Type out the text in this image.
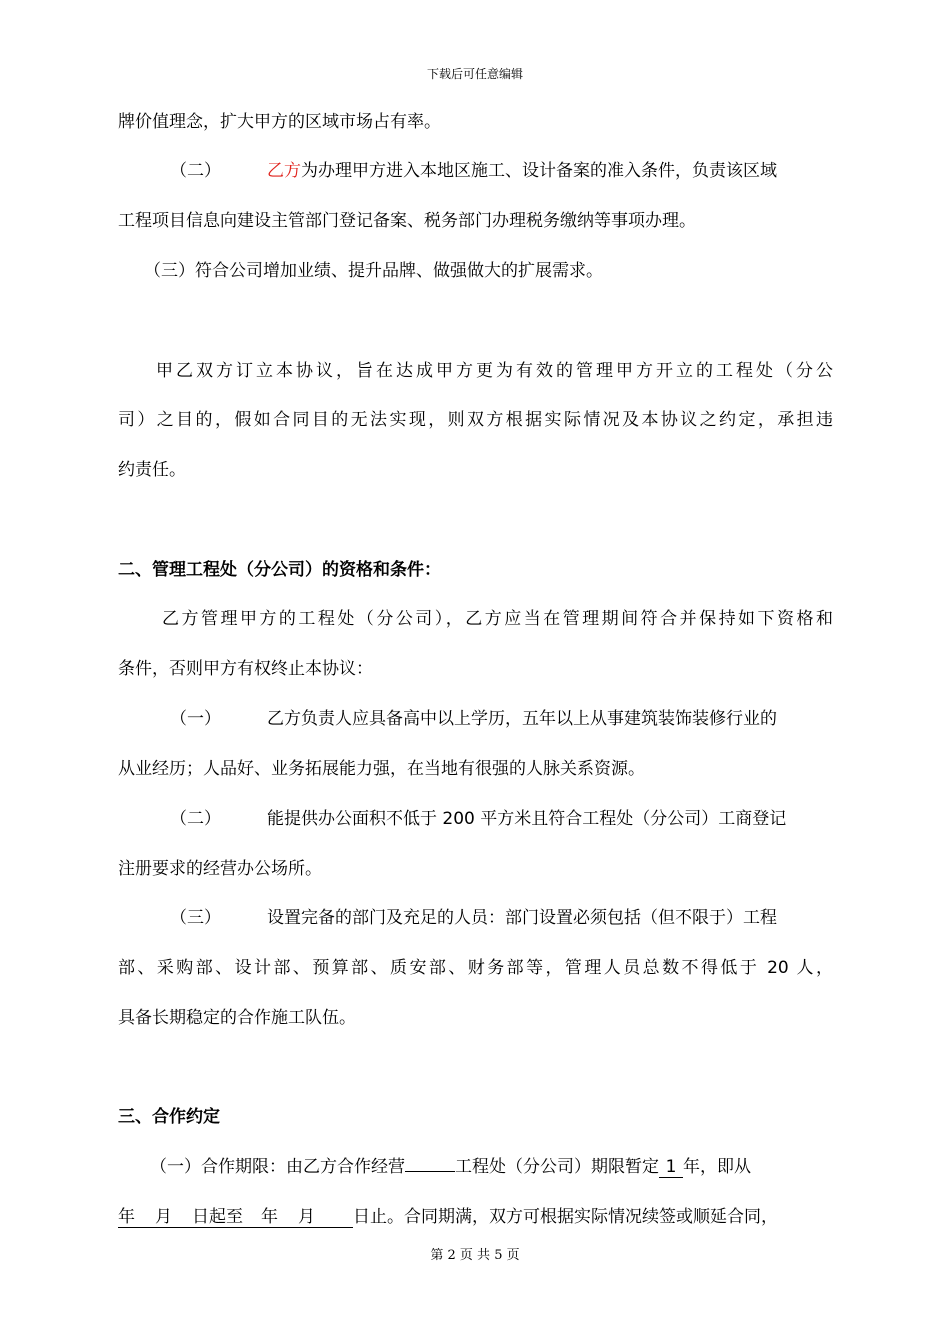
下载后可任意编辑
牌价值理念，扩大甲方的区域市场占有率。
（二）	乙方为办理甲方进入本地区施工、设计备案的准入条件，负责该区域
工程项目信息向建设主管部门登记备案、税务部门办理税务缴纳等事项办理。
（三）符合公司增加业绩、提升品牌、做强做大的扩展需求。
甲乙双方订立本协议，旨在达成甲方更为有效的管理甲方开立的工程处（分公
司）之目的，假如合同目的无法实现，则双方根据实际情况及本协议之约定，承担违
约责任。
二、管理工程处（分公司）的资格和条件：
乙方管理甲方的工程处（分公司），乙方应当在管理期间符合并保持如下资格和
条件，否则甲方有权终止本协议：
（一）	乙方负责人应具备高中以上学历，五年以上从事建筑装饰装修行业的
从业经历；人品好、业务拓展能力强，在当地有很强的人脉关系资源。
（二）	能提供办公面积不低于 200 平方米且符合工程处（分公司）工商登记
注册要求的经营办公场所。
（三）	设置完备的部门及充足的人员：部门设置必须包括（但不限于）工程
部、采购部、设计部、预算部、质安部、财务部等，管理人员总数不得低于 20 人，
具备长期稳定的合作施工队伍。
三、合作约定
（一）合作期限：由乙方合作经营	工程处（分公司）期限暂定 1 年，即从
年 月 日起至 年 月 日止。合同期满，双方可根据实际情况续签或顺延合同，
第 2 页 共 5 页
